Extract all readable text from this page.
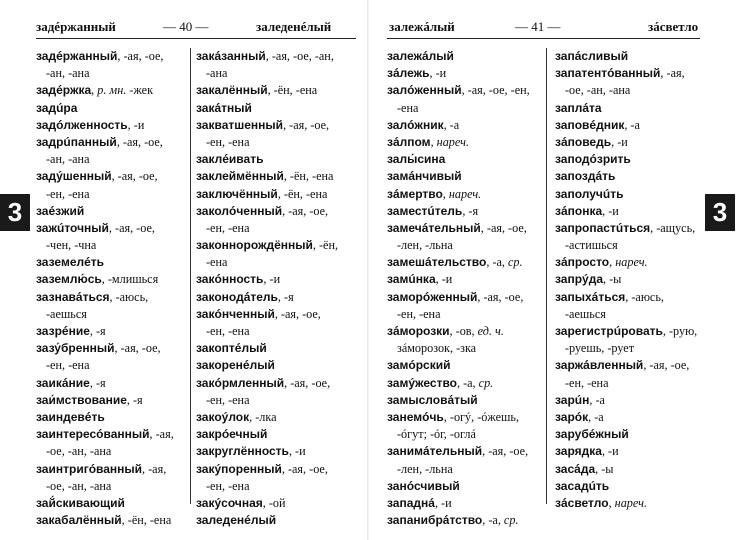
задéржанный	— 40 —	заледенéлый
задéржанный, -ая, -ое,
-ан, -ана
задéржка, р. мн. -жек
задúра
задóлженность, -и
задрúпанный, -ая, -ое,
-ан, -ана
задýшенный, -ая, -ое,
-ен, -ена
заéзжий
зажúточный, -ая, -ое,
-чен, -чна
заземелéть
заземлю́сь, -млишься
зазнавáться, -аюсь,
-аешься
зазрéние, -я
зазу́бренный, -ая, -ое,
-ен, -ена
заикáние, -я
заи́мствование, -я
заиндевéть
заинтересóванный, -ая,
-ое, -ан, -ана
заинтригóванный, -ая,
-ое, -ан, -ана
зай́скивающий
закабалённый, -ён, -ена
закáзанный, -ая, -ое, -ан,
-ана
закалённый, -ён, -ена
закáтный
закватшенный, -ая, -ое,
-ен, -ена
заклéивать
заклеймённый, -ён, -ена
заключённый, -ён, -ена
заколóченный, -ая, -ое,
-ен, -ена
законнорождённый, -ён,
-ена
закóнность, -и
законодáтель, -я
закóнченный, -ая, -ое,
-ен, -ена
закоптéлый
закоренéлый
закóрмленный, -ая, -ое,
-ен, -ена
закоýлок, -лка
закрóечный
закруглённость, -и
закýпоренный, -ая, -ое,
-ен, -ена
закýсочная, -ой
заледенéлый
3
залежáлый	— 41 —	зáсветло
залежáлый
зáлежь, -и
залóженный, -ая, -ое, -ен,
-ена
залóжник, -а
зáлпом, нареч.
залы́сина
замáнчивый
зáмертво, нареч.
заместúтель, -я
замечáтельный, -ая, -ое,
-лен, -льна
замешáтельство, -а, ср.
замúнка, -и
заморóженный, -ая, -ое,
-ен, -ена
зáморозки, -ов, ед. ч.
зáморозок, -зка
замóрский
замýжество, -а, ср.
замысловáтый
занемóчь, -огý, -óжешь,
-óгут; -óг, -оглá
занимáтельный, -ая, -ое,
-лен, -льна
занóсчивый
западнá, -и
запанибрáтство, -а, ср.
запáсливый
запатентóванный, -ая,
-ое, -ан, -ана
заплáта
заповéдник, -а
зáповедь, -и
заподóзрить
запоздáть
заполучúть
зáпонка, -и
запропастúться, -ащусь,
-астишься
зáпросто, нареч.
запрýда, -ы
запыхáться, -аюсь,
-аешься
зарегистрúровать, -рую,
-руешь, -рует
заржáвленный, -ая, -ое,
-ен, -ена
зарúн, -а
зарóк, -а
зарубéжный
зарядка, -и
засáда, -ы
засадúть
зáсветло, нареч.
3
